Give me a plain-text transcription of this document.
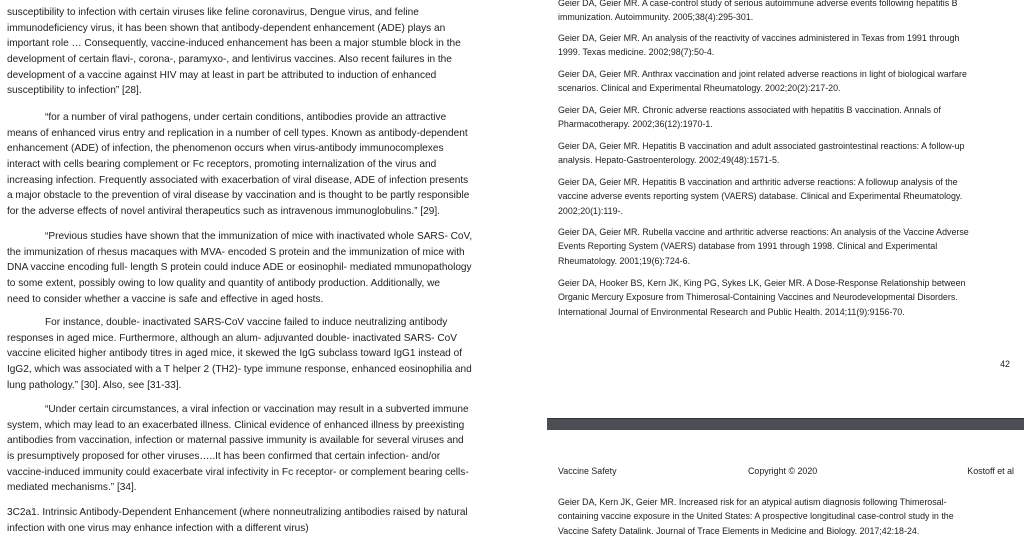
susceptibility to infection with certain viruses like feline coronavirus, Dengue virus, and feline
immunodeficiency virus, it has been shown that antibody-dependent enhancement (ADE) plays an
important role … Consequently, vaccine-induced enhancement has been a major stumble block in the
development of certain flavi-, corona-, paramyxo-, and lentivirus vaccines. Also recent failures in the
development of a vaccine against HIV may at least in part be attributed to induction of enhanced
susceptibility to infection” [28].
“for a number of viral pathogens, under certain conditions, antibodies provide an attractive
means of enhanced virus entry and replication in a number of cell types. Known as antibody-dependent
enhancement (ADE) of infection, the phenomenon occurs when virus-antibody immunocomplexes
interact with cells bearing complement or Fc receptors, promoting internalization of the virus and
increasing infection. Frequently associated with exacerbation of viral disease, ADE of infection presents
a major obstacle to the prevention of viral disease by vaccination and is thought to be partly responsible
for the adverse effects of novel antiviral therapeutics such as intravenous immunoglobulins.” [29].
“Previous studies have shown that the immunization of mice with inactivated whole SARS- CoV,
the immunization of rhesus macaques with MVA- encoded S protein and the immunization of mice with
DNA vaccine encoding full- length S protein could induce ADE or eosinophil- mediated mmunopathology
to some extent, possibly owing to low quality and quantity of antibody production. Additionally, we
need to consider whether a vaccine is safe and effective in aged hosts.
For instance, double- inactivated SARS-CoV vaccine failed to induce neutralizing antibody
responses in aged mice. Furthermore, although an alum- adjuvanted double- inactivated SARS- CoV
vaccine elicited higher antibody titres in aged mice, it skewed the IgG subclass toward IgG1 instead of
IgG2, which was associated with a T helper 2 (TH2)- type immune response, enhanced eosinophilia and
lung pathology.” [30]. Also, see [31-33].
“Under certain circumstances, a viral infection or vaccination may result in a subverted immune
system, which may lead to an exacerbated illness. Clinical evidence of enhanced illness by preexisting
antibodies from vaccination, infection or maternal passive immunity is available for several viruses and
is presumptively proposed for other viruses…..It has been confirmed that certain infection- and/or
vaccine-induced immunity could exacerbate viral infectivity in Fc receptor- or complement bearing cells-
mediated mechanisms.” [34].
3C2a1. Intrinsic Antibody-Dependent Enhancement (where nonneutralizing antibodies raised by natural
infection with one virus may enhance infection with a different virus)
Geier DA, Geier MR. A case-control study of serious autoimmune adverse events following hepatitis B
immunization. Autoimmunity. 2005;38(4):295-301.
Geier DA, Geier MR. An analysis of the reactivity of vaccines administered in Texas from 1991 through
1999. Texas medicine. 2002;98(7):50-4.
Geier DA, Geier MR. Anthrax vaccination and joint related adverse reactions in light of biological warfare
scenarios. Clinical and Experimental Rheumatology. 2002;20(2):217-20.
Geier DA, Geier MR. Chronic adverse reactions associated with hepatitis B vaccination. Annals of
Pharmacotherapy. 2002;36(12):1970-1.
Geier DA, Geier MR. Hepatitis B vaccination and adult associated gastrointestinal reactions: A follow-up
analysis. Hepato-Gastroenterology. 2002;49(48):1571-5.
Geier DA, Geier MR. Hepatitis B vaccination and arthritic adverse reactions: A followup analysis of the
vaccine adverse events reporting system (VAERS) database. Clinical and Experimental Rheumatology.
2002;20(1):119-.
Geier DA, Geier MR. Rubella vaccine and arthritic adverse reactions: An analysis of the Vaccine Adverse
Events Reporting System (VAERS) database from 1991 through 1998. Clinical and Experimental
Rheumatology. 2001;19(6):724-6.
Geier DA, Hooker BS, Kern JK, King PG, Sykes LK, Geier MR. A Dose-Response Relationship between
Organic Mercury Exposure from Thimerosal-Containing Vaccines and Neurodevelopmental Disorders.
International Journal of Environmental Research and Public Health. 2014;11(9):9156-70.
42
Vaccine Safety	Copyright © 2020	Kostoff et al
Geier DA, Kern JK, Geier MR. Increased risk for an atypical autism diagnosis following Thimerosal-
containing vaccine exposure in the United States: A prospective longitudinal case-control study in the
Vaccine Safety Datalink. Journal of Trace Elements in Medicine and Biology. 2017;42:18-24.
